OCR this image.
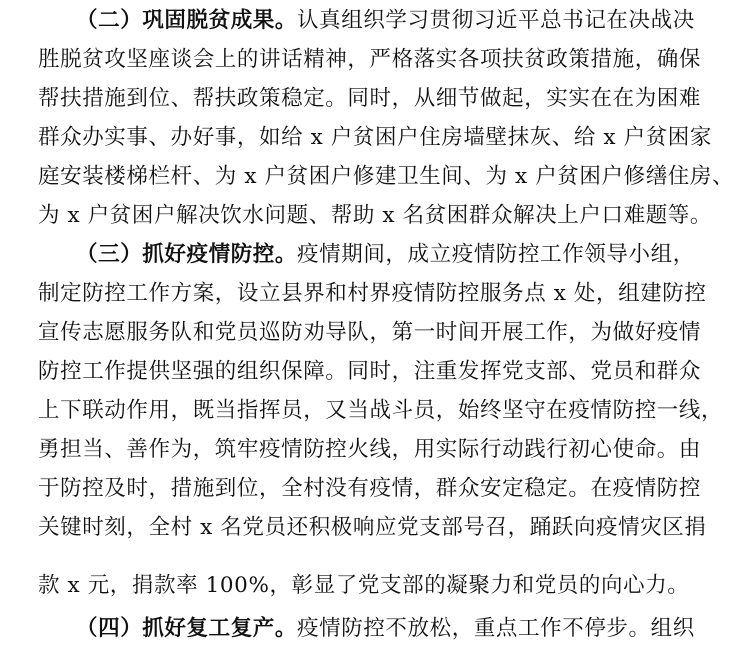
（二）巩固脱贫成果。认真组织学习贯彻习近平总书记在决战决
胜脱贫攻坚座谈会上的讲话精神，严格落实各项扶贫政策措施，确保
帮扶措施到位、帮扶政策稳定。同时，从细节做起，实实在在为困难
群众办实事、办好事，如给 x 户贫困户住房墙壁抹灰、给 x 户贫困家
庭安装楼梯栏杆、为 x 户贫困户修建卫生间、为 x 户贫困户修缮住房、
为 x 户贫困户解决饮水问题、帮助 x 名贫困群众解决上户口难题等。
（三）抓好疫情防控。疫情期间，成立疫情防控工作领导小组，
制定防控工作方案，设立县界和村界疫情防控服务点 x 处，组建防控
宣传志愿服务队和党员巡防劝导队，第一时间开展工作，为做好疫情
防控工作提供坚强的组织保障。同时，注重发挥党支部、党员和群众
上下联动作用，既当指挥员，又当战斗员，始终坚守在疫情防控一线，
勇担当、善作为，筑牢疫情防控火线，用实际行动践行初心使命。由
于防控及时，措施到位，全村没有疫情，群众安定稳定。在疫情防控
关键时刻，全村 x 名党员还积极响应党支部号召，踊跃向疫情灾区捐
款 x 元，捐款率 100%，彰显了党支部的凝聚力和党员的向心力。
（四）抓好复工复产。疫情防控不放松，重点工作不停步。组织
